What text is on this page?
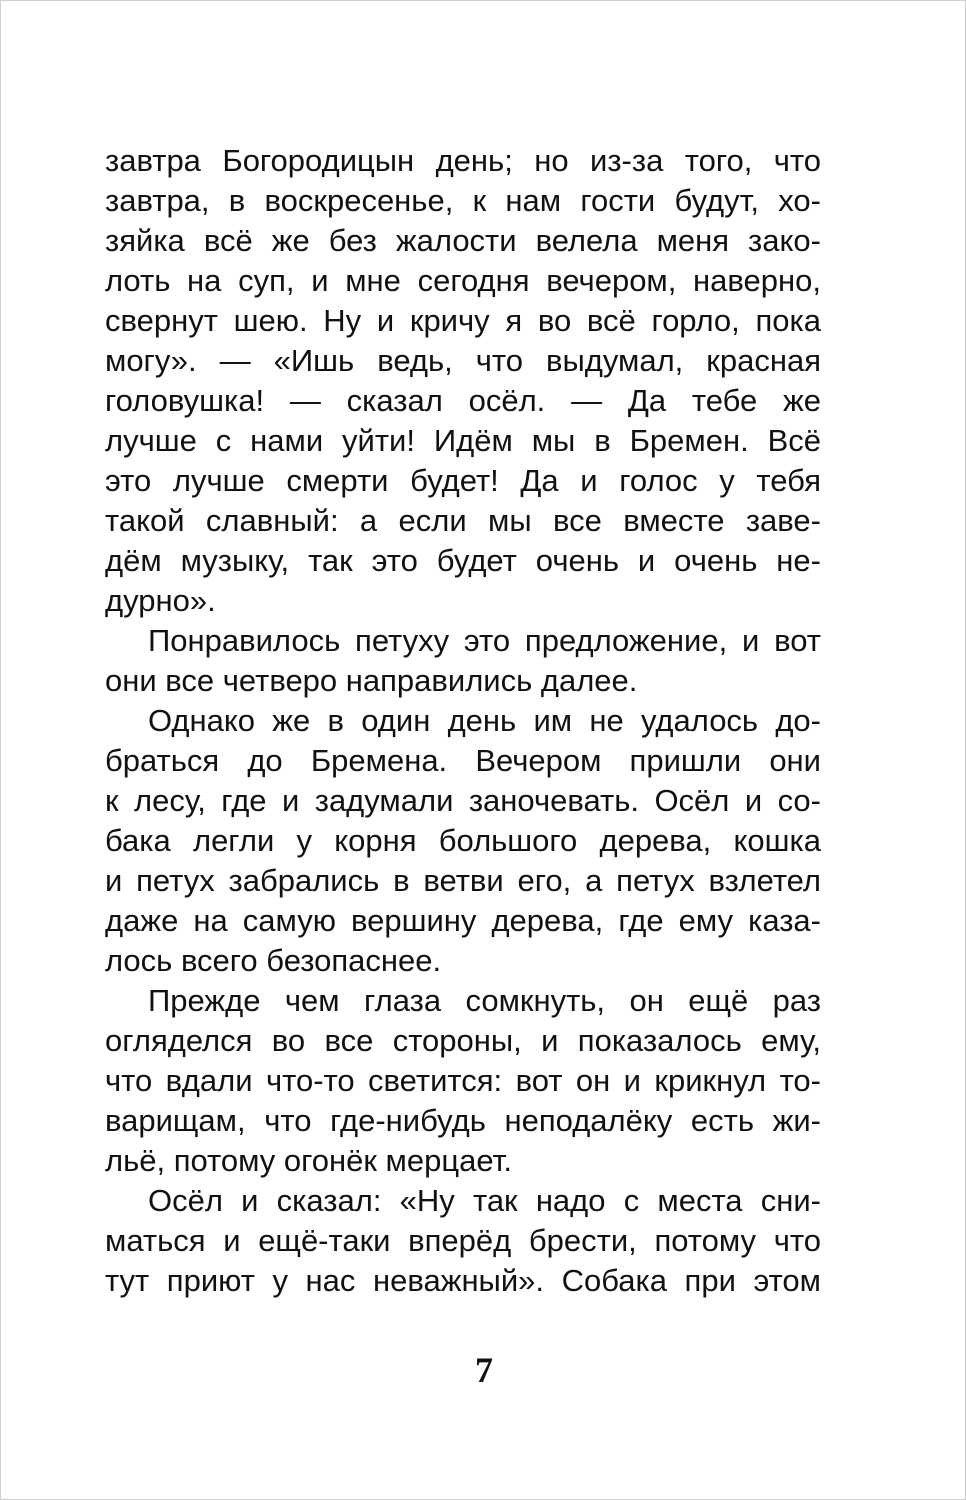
завтра Богородицын день; но из-за того, что
завтра, в воскресенье, к нам гости будут, хо-
зяйка всё же без жалости велела меня зако-
лоть на суп, и мне сегодня вечером, наверно,
свернут шею. Ну и кричу я во всё горло, пока
могу». — «Ишь ведь, что выдумал, красная
головушка! — сказал осёл. — Да тебе же
лучше с нами уйти! Идём мы в Бремен. Всё
это лучше смерти будет! Да и голос у тебя
такой славный: а если мы все вместе заве-
дём музыку, так это будет очень и очень не-
дурно».
Понравилось петуху это предложение, и вот
они все четверо направились далее.
Однако же в один день им не удалось до-
браться до Бремена. Вечером пришли они
к лесу, где и задумали заночевать. Осёл и со-
бака легли у корня большого дерева, кошка
и петух забрались в ветви его, а петух взлетел
даже на самую вершину дерева, где ему каза-
лось всего безопаснее.
Прежде чем глаза сомкнуть, он ещё раз
огляделся во все стороны, и показалось ему,
что вдали что-то светится: вот он и крикнул то-
варищам, что где-нибудь неподалёку есть жи-
льё, потому огонёк мерцает.
Осёл и сказал: «Ну так надо с места сни-
маться и ещё-таки вперёд брести, потому что
тут приют у нас неважный». Собака при этом
7
